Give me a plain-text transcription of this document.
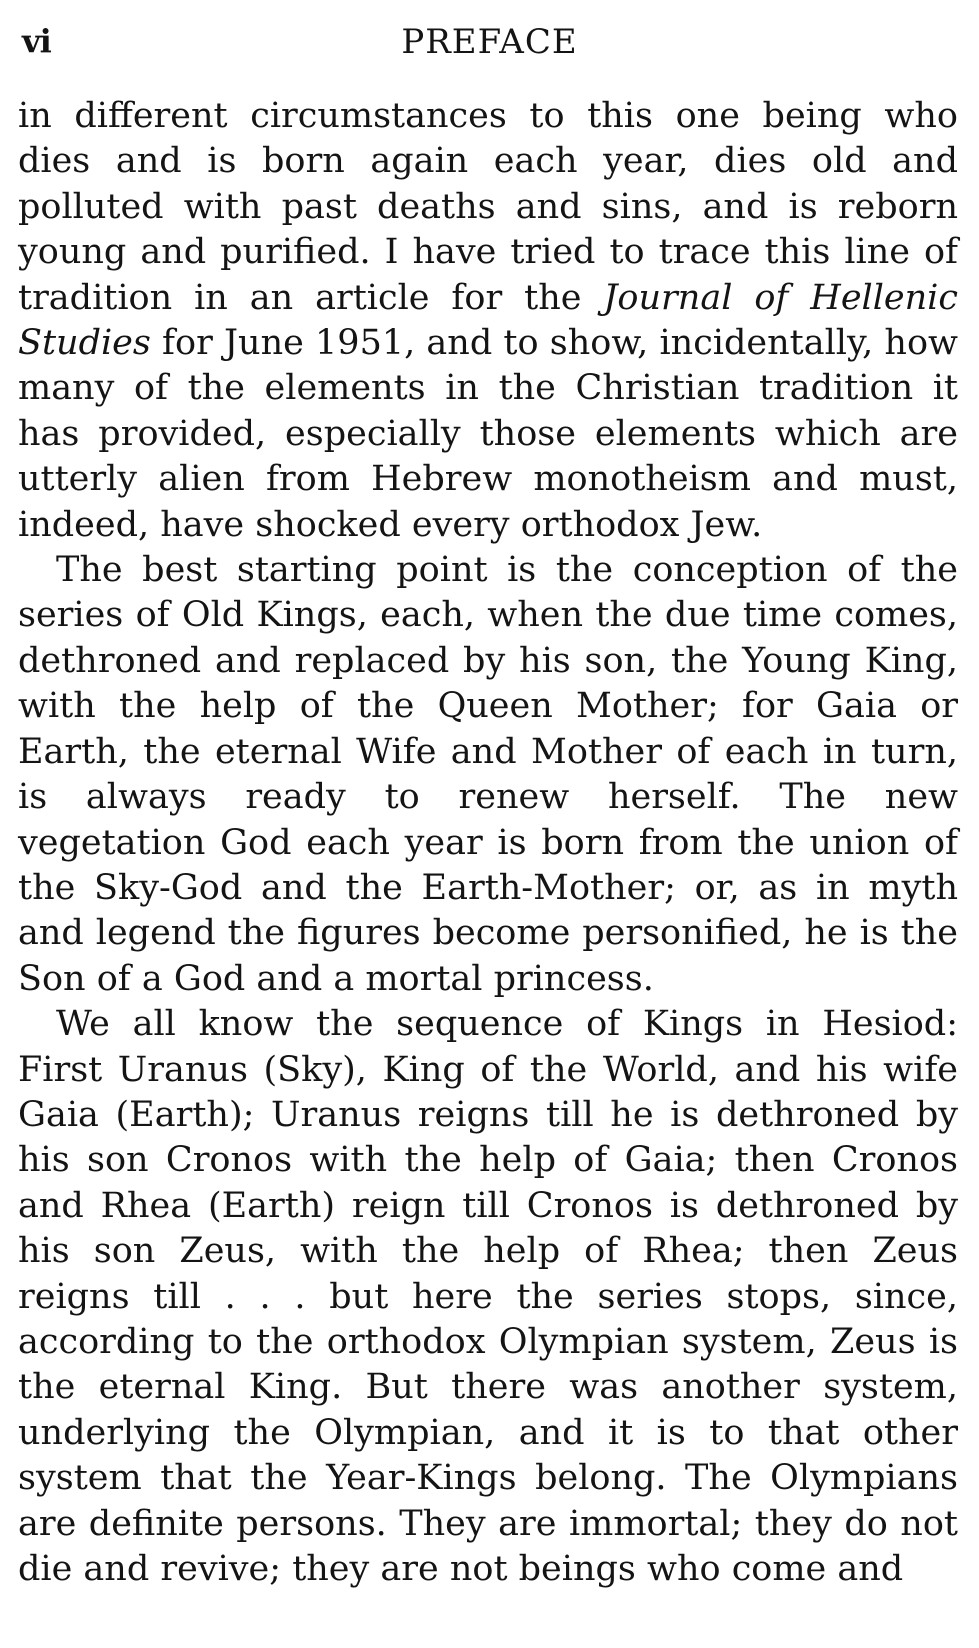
vi	PREFACE

in different circumstances to this one being who dies and is born again each year, dies old and polluted with past deaths and sins, and is reborn young and purified. I have tried to trace this line of tradition in an article for the Journal of Hellenic Studies for June 1951, and to show, incidentally, how many of the elements in the Christian tradition it has provided, especially those elements which are utterly alien from Hebrew monotheism and must, indeed, have shocked every orthodox Jew.

The best starting point is the conception of the series of Old Kings, each, when the due time comes, dethroned and replaced by his son, the Young King, with the help of the Queen Mother; for Gaia or Earth, the eternal Wife and Mother of each in turn, is always ready to renew herself. The new vegetation God each year is born from the union of the Sky-God and the Earth-Mother; or, as in myth and legend the figures become personified, he is the Son of a God and a mortal princess.

We all know the sequence of Kings in Hesiod: First Uranus (Sky), King of the World, and his wife Gaia (Earth); Uranus reigns till he is dethroned by his son Cronos with the help of Gaia; then Cronos and Rhea (Earth) reign till Cronos is dethroned by his son Zeus, with the help of Rhea; then Zeus reigns till . . . but here the series stops, since, according to the orthodox Olympian system, Zeus is the eternal King. But there was another system, underlying the Olympian, and it is to that other system that the Year-Kings belong. The Olympians are definite persons. They are immortal; they do not die and revive; they are not beings who come and
